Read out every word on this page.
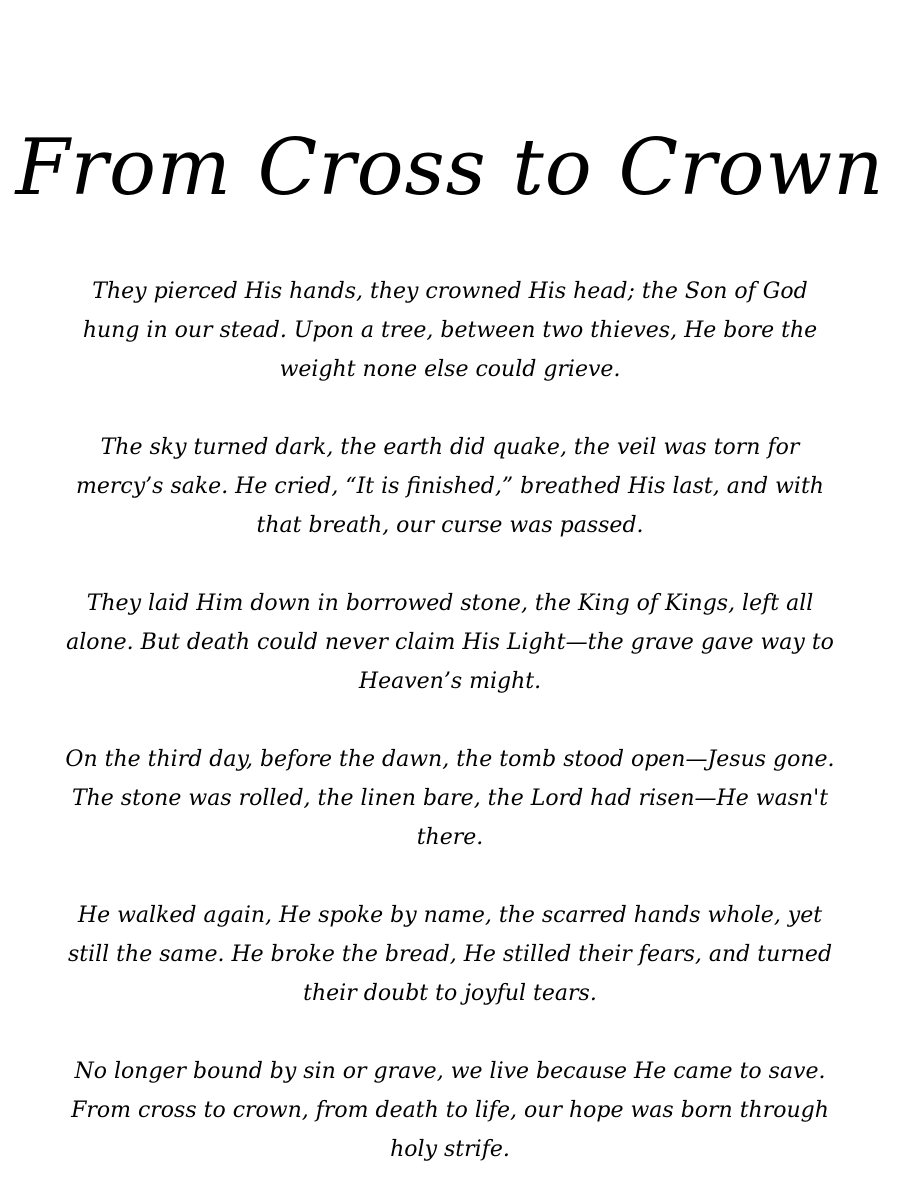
From Cross to Crown

They pierced His hands, they crowned His head; the Son of God hung in our stead. Upon a tree, between two thieves, He bore the weight none else could grieve.

The sky turned dark, the earth did quake, the veil was torn for mercy’s sake. He cried, “It is finished,” breathed His last, and with that breath, our curse was passed.

They laid Him down in borrowed stone, the King of Kings, left all alone. But death could never claim His Light—the grave gave way to Heaven’s might.

On the third day, before the dawn, the tomb stood open—Jesus gone. The stone was rolled, the linen bare, the Lord had risen—He wasn't there.

He walked again, He spoke by name, the scarred hands whole, yet still the same. He broke the bread, He stilled their fears, and turned their doubt to joyful tears.

No longer bound by sin or grave, we live because He came to save. From cross to crown, from death to life, our hope was born through holy strife.
